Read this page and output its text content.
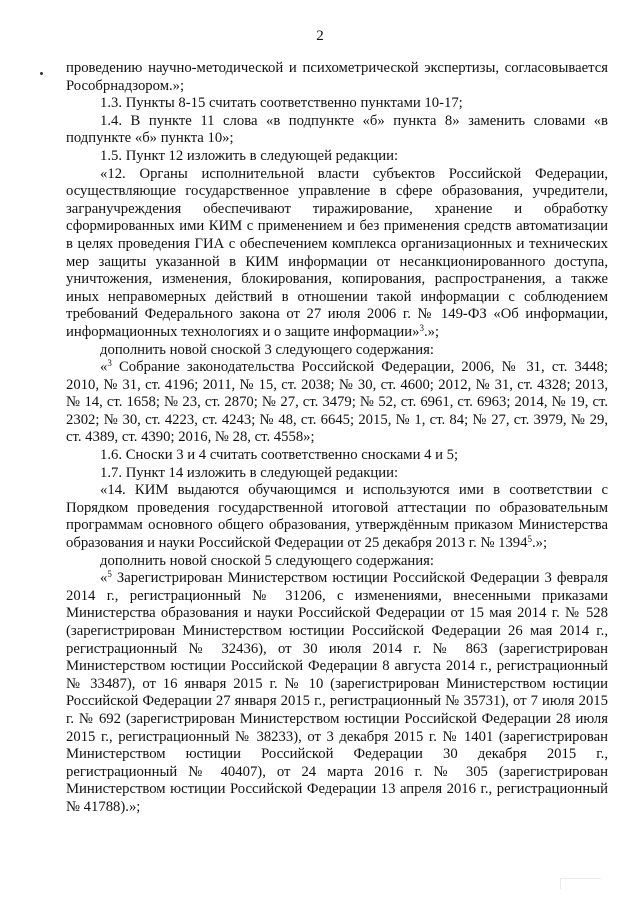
2

проведению научно-методической и психометрической экспертизы, согласовывается Рособрнадзором.»;

1.3. Пункты 8-15 считать соответственно пунктами 10-17;

1.4. В пункте 11 слова «в подпункте «б» пункта 8» заменить словами «в подпункте «б» пункта 10»;

1.5. Пункт 12 изложить в следующей редакции:

«12. Органы исполнительной власти субъектов Российской Федерации, осуществляющие государственное управление в сфере образования, учредители, загранучреждения обеспечивают тиражирование, хранение и обработку сформированных ими КИМ с применением и без применения средств автоматизации в целях проведения ГИА с обеспечением комплекса организационных и технических мер защиты указанной в КИМ информации от несанкционированного доступа, уничтожения, изменения, блокирования, копирования, распространения, а также иных неправомерных действий в отношении такой информации с соблюдением требований Федерального закона от 27 июля 2006 г. № 149-ФЗ «Об информации, информационных технологиях и о защите информации»$^3$.»;

дополнить новой сноской 3 следующего содержания:

«$^3$ Собрание законодательства Российской Федерации, 2006, № 31, ст. 3448; 2010, № 31, ст. 4196; 2011, № 15, ст. 2038; № 30, ст. 4600; 2012, № 31, ст. 4328; 2013, № 14, ст. 1658; № 23, ст. 2870; № 27, ст. 3479; № 52, ст. 6961, ст. 6963; 2014, № 19, ст. 2302; № 30, ст. 4223, ст. 4243; № 48, ст. 6645; 2015, № 1, ст. 84; № 27, ст. 3979, № 29, ст. 4389, ст. 4390; 2016, № 28, ст. 4558»;

1.6. Сноски 3 и 4 считать соответственно сносками 4 и 5;

1.7. Пункт 14 изложить в следующей редакции:

«14. КИМ выдаются обучающимся и используются ими в соответствии с Порядком проведения государственной итоговой аттестации по образовательным программам основного общего образования, утверждённым приказом Министерства образования и науки Российской Федерации от 25 декабря 2013 г. № 1394$^5$.»;

дополнить новой сноской 5 следующего содержания:

«$^5$ Зарегистрирован Министерством юстиции Российской Федерации 3 февраля 2014 г., регистрационный № 31206, с изменениями, внесенными приказами Министерства образования и науки Российской Федерации от 15 мая 2014 г. № 528 (зарегистрирован Министерством юстиции Российской Федерации 26 мая 2014 г., регистрационный № 32436), от 30 июля 2014 г. № 863 (зарегистрирован Министерством юстиции Российской Федерации 8 августа 2014 г., регистрационный № 33487), от 16 января 2015 г. № 10 (зарегистрирован Министерством юстиции Российской Федерации 27 января 2015 г., регистрационный № 35731), от 7 июля 2015 г. № 692 (зарегистрирован Министерством юстиции Российской Федерации 28 июля 2015 г., регистрационный № 38233), от 3 декабря 2015 г. № 1401 (зарегистрирован Министерством юстиции Российской Федерации 30 декабря 2015 г., регистрационный № 40407), от 24 марта 2016 г. № 305 (зарегистрирован Министерством юстиции Российской Федерации 13 апреля 2016 г., регистрационный № 41788).»;
